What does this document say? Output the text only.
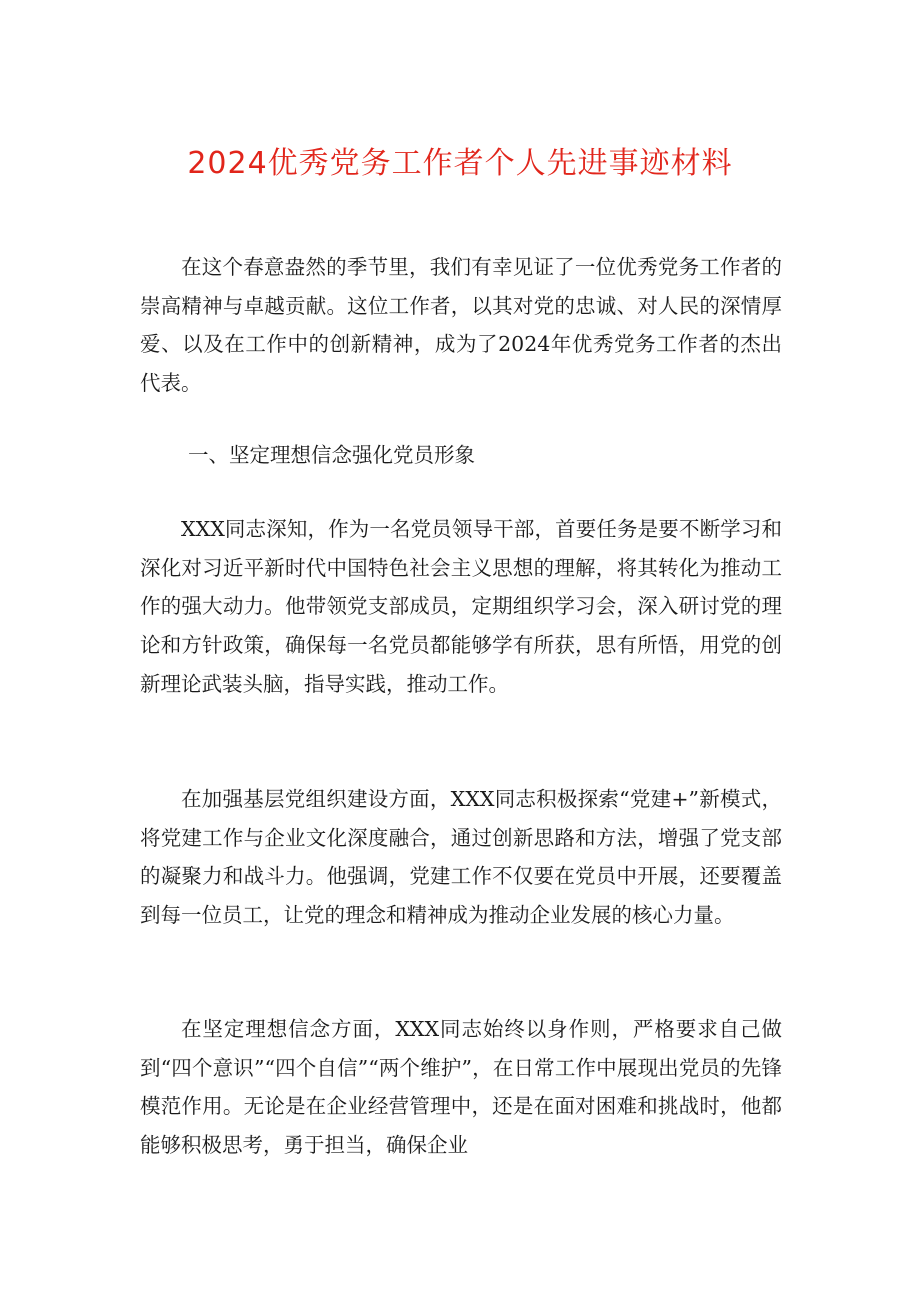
2024优秀党务工作者个人先进事迹材料

在这个春意盎然的季节里，我们有幸见证了一位优秀党务工作者的崇高精神与卓越贡献。这位工作者，以其对党的忠诚、对人民的深情厚爱、以及在工作中的创新精神，成为了2024年优秀党务工作者的杰出代表。

一、坚定理想信念强化党员形象

XXX同志深知，作为一名党员领导干部，首要任务是要不断学习和深化对习近平新时代中国特色社会主义思想的理解，将其转化为推动工作的强大动力。他带领党支部成员，定期组织学习会，深入研讨党的理论和方针政策，确保每一名党员都能够学有所获，思有所悟，用党的创新理论武装头脑，指导实践，推动工作。

在加强基层党组织建设方面，XXX同志积极探索“党建+”新模式，将党建工作与企业文化深度融合，通过创新思路和方法，增强了党支部的凝聚力和战斗力。他强调，党建工作不仅要在党员中开展，还要覆盖到每一位员工，让党的理念和精神成为推动企业发展的核心力量。

在坚定理想信念方面，XXX同志始终以身作则，严格要求自己做到“四个意识”“四个自信”“两个维护”，在日常工作中展现出党员的先锋模范作用。无论是在企业经营管理中，还是在面对困难和挑战时，他都能够积极思考，勇于担当，确保企业
